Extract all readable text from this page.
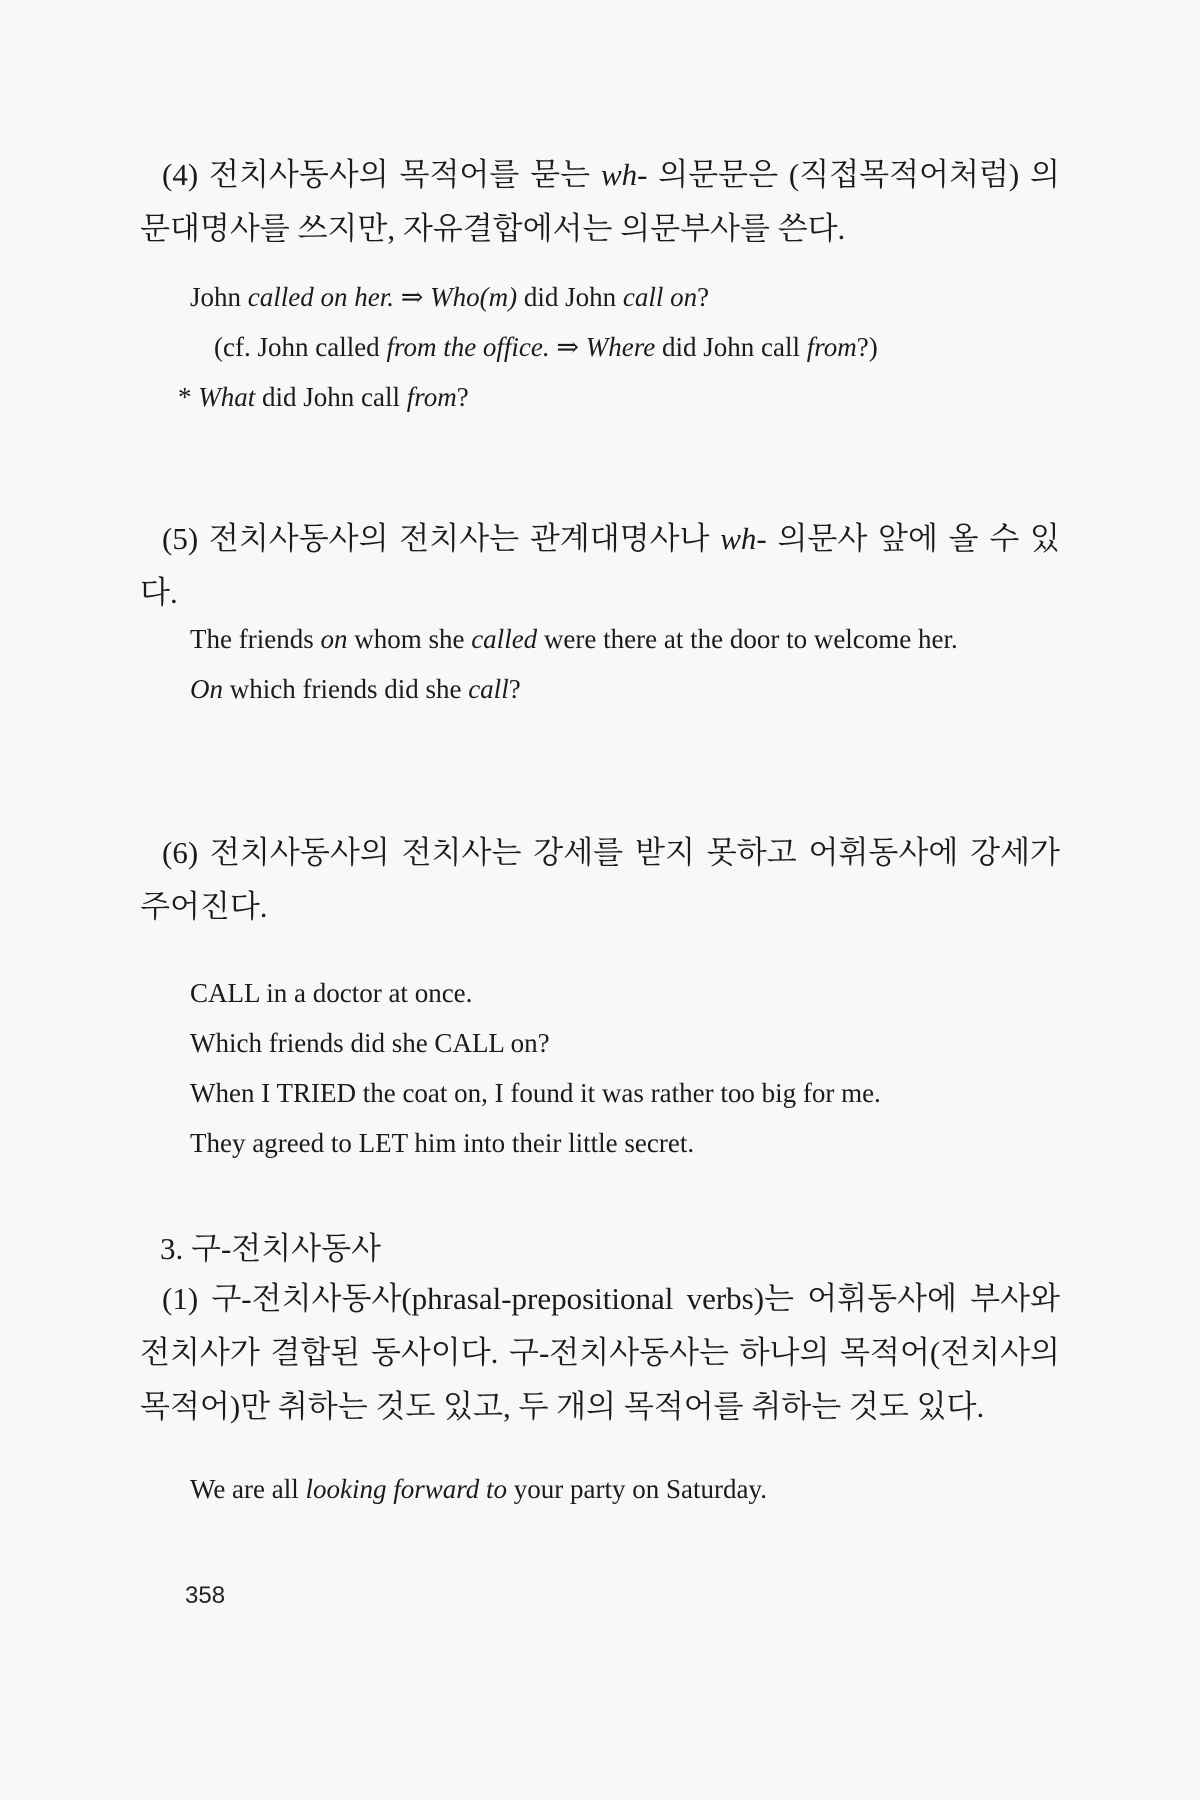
(4) 전치사동사의 목적어를 묻는 wh- 의문문은 (직접목적어처럼) 의문대명사를 쓰지만, 자유결합에서는 의문부사를 쓴다.

John called on her. ⇒ Who(m) did John call on?
(cf. John called from the office. ⇒ Where did John call from?)
* What did John call from?

(5) 전치사동사의 전치사는 관계대명사나 wh- 의문사 앞에 올 수 있다.

The friends on whom she called were there at the door to welcome her.

On which friends did she call?

(6) 전치사동사의 전치사는 강세를 받지 못하고 어휘동사에 강세가 주어진다.

CALL in a doctor at once.
Which friends did she CALL on?
When I TRIED the coat on, I found it was rather too big for me.
They agreed to LET him into their little secret.

3. 구-전치사동사

(1) 구-전치사동사(phrasal-prepositional verbs)는 어휘동사에 부사와 전치사가 결합된 동사이다. 구-전치사동사는 하나의 목적어(전치사의 목적어)만 취하는 것도 있고, 두 개의 목적어를 취하는 것도 있다.

We are all looking forward to your party on Saturday.

358
